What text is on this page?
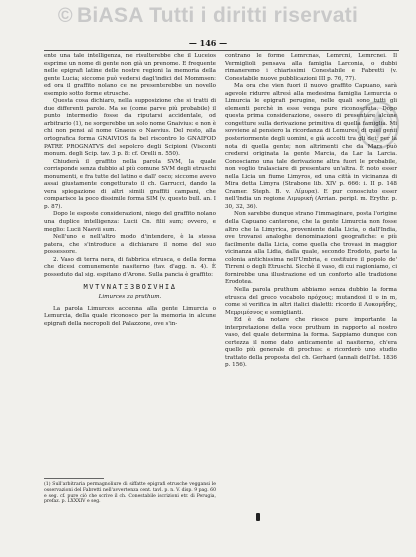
© BiASA Tutti i diritti riservati
— 146 —

ente una tale intelligenza, ne risulterebbe che il Luceios esprime un nome di gente non già un prenome. E frequente nelle epigrafi latine delle nostre regioni la memoria della gente Lucia; siccome può vedersi dagl'indici del Mommsen: ed ora il graffito nolano ce ne presenterebbe un novello esempio sotto forme etrusche.

Questa cosa dichiaro, nella supposizione che si tratti di due differenti parole. Ma se (come parve più probabile) il punto intermedio fosse da riputarsi accidentale, od arbitrario (1), ne sorgerebbe un solo nome Gnaivius: e non è chi non pensi al nome Gnaeus o Naevius. Del resto, alla ortografica forma GNAIVIOS fa bel riscontro lo GNAIFOD PATRE PROGNATVS del sepolcro degli Scipioni (Visconti monum. degli Scip. tav. 3 p. 8: cf. Orelli n. 550).

Chiuderà il graffito nella parola SVM, la quale corrisponde senza dubbio al più comune SVM degli etruschi monumenti, e fra tutte del latino e dall' osco; siccome avevo assai giustamente congetturato il ch. Garrucci, dando la vera spiegazione di altri simili graffiti campani, che comparisce la poco dissimile forma SIM (v. questo bull. an. I p. 87).

Dopo le esposte considerazioni, niego del graffito nolano una duplice intelligenza: Lucii Cn. filii sum; ovvero, e meglio: Lucii Naevii sum.

Nell'uno e nell'altro modo d'intendere, è la stessa patera, che s'introduce a dichiarare il nome del suo possessore.

2. Vaso di terra nera, di fabbrica etrusca, e della forma che dicesi comunemente nasiterno (tav. d'agg. n. 4). È posseduto dal sig. espitano d'Arone. Sulla pancia è graffito:

ΜVΤVΝΑΤΞ3ΒΟΣVΗΙΔ
Limurces za pruthum.

La parola Limurces accenna alla gente Limurcia o Lemurcia, della quale riconosco per la memoria in alcune epigrafi della necropoli del Palazzone, ove s'in-

(1) Sull'arbitraria permagnoliure di siffatte epigrafi etrusche veggansi le osservazioni del Fabretti nell'avvertenza cent. tavl. p. n. V. disp. 9 pag. 60 e seg. cf. pure ciò che scrive il ch. Conestabile iscrizioni etr. di Perugia, prefaz. p. LXXXIV e seg.

contrano le forme Lemrcnas, Lemrcni, Lemrcnei. Il Vermiglioli pensava alla famiglia Larconia, o dubbi rimaneremo i chiarissimi Conestabile e Fabretti (v. Conestabile nuove pubblicazioni III p. 76, 77).

Ma ora che vien fuori il nuovo graffito Capuano, sarà agevole ridurre altresì alla medesima famiglia Lemurcia o Limurcia le epigrafi perugine, nelle quali sono tutti gli elementi perchè in esse venga pure riconosciuta. Dopo questa prima considerazione, ossero di presentare alcune congetture sulla derivazione primitiva di quella famiglia. Mi sovviene al pensiero la ricordanza di Lemures, di quel genii posteriormente degli uomini, e già accolti tra gli dei; per la nota di quella gente; non altrimenti che da Mars può credersi originata la gente Marcia, da Lar la Larcia. Conosciamo una tale derivazione altra fuori le probabile, non voglio tralasciare di presentare un'altra. È noto esser nella Licia un fiume Limyros, ed una città in vicinanza di Mira detta Limyra (Strabone lib. XIV p. 666: i. II p. 148 Cramer. Steph. B. v. Λίμυρα). E pur conosciuto esser nell'India un regione Λιμυρική (Arrian. peripl. m. Erythr. p. 30, 32, 36).

Non sarebbe dunque strano l'immaginare, posta l'origine della Capuano canterone, che la gente Limurcia non fosse altro che la Limyrica, proveniente dalla Licia, o dall'India, ove trovansi analoghe denominazioni geografiche: e più facilmente dalla Licia, come quella che trovasi in maggior vicinanza alla Lidia, dalla quale, secondo Erodoto, parte la colonia antichissima nell'Umbria, e costituire il popolo de' Tirreni o degli Etruschi. Sicchè il vaso, di cui ragioniamo, ci fornirebbe una illustrazione ed un conforto alle tradizione Erodotea.

Nella parola pruthum abbiamo senza dubbio la forma etrusca del greco vocabolo πρόχους; mutandosi il υ in m, come si verifica in altri italici dialetti: ricordo il Λυκομήδης, Μεμριμέσνος e somiglianti.

Ed è da notare che riesce pure importante la interpretazione della voce pruthum in rapporto al nostro vaso, del quale determina la forma. Sappiamo dunque con certezza il nome dato anticamente al nasiterno, ch'era quello più generale di prochus: e ricorderò uno studio trattato della proposta del ch. Gerhard (annali dell'Ist. 1836 p. 156).
